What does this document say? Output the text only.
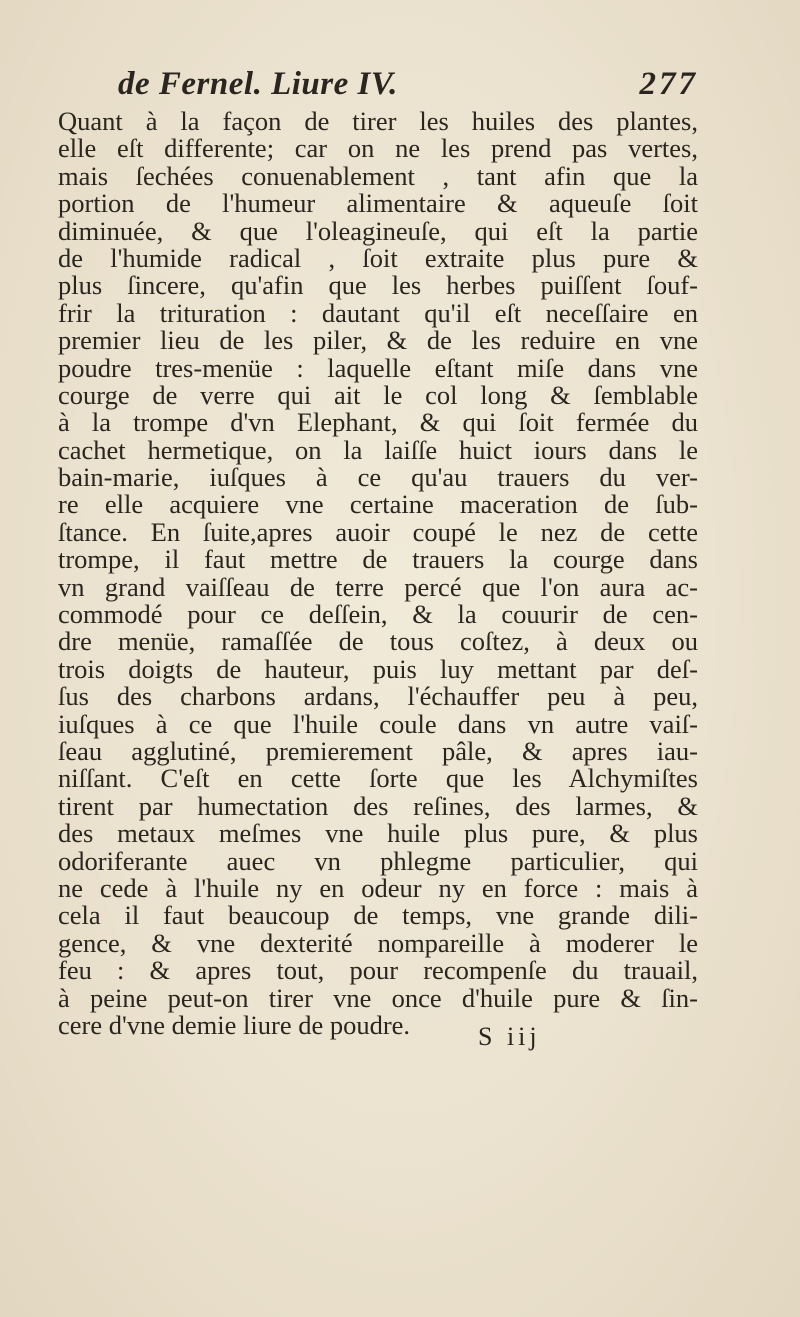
de Fernel. Liure IV.	277
Quant à la façon de tirer les huiles des plantes,
elle eſt differente; car on ne les prend pas vertes,
mais ſechées conuenablement , tant afin que la
portion de l'humeur alimentaire & aqueuſe ſoit
diminuée, & que l'oleagineuſe, qui eſt la partie
de l'humide radical , ſoit extraite plus pure &
plus ſincere, qu'afin que les herbes puiſſent ſouf-
frir la trituration : dautant qu'il eſt neceſſaire en
premier lieu de les piler, & de les reduire en vne
poudre tres-menüe : laquelle eſtant miſe dans vne
courge de verre qui ait le col long & ſemblable
à la trompe d'vn Elephant, & qui ſoit fermée du
cachet hermetique, on la laiſſe huict iours dans le
bain-marie, iuſques à ce qu'au trauers du ver-
re elle acquiere vne certaine maceration de ſub-
ſtance. En ſuite,apres auoir coupé le nez de cette
trompe, il faut mettre de trauers la courge dans
vn grand vaiſſeau de terre percé que l'on aura ac-
commodé pour ce deſſein, & la couurir de cen-
dre menüe, ramaſſée de tous coſtez, à deux ou
trois doigts de hauteur, puis luy mettant par deſ-
ſus des charbons ardans, l'échauffer peu à peu,
iuſques à ce que l'huile coule dans vn autre vaiſ-
ſeau agglutiné, premierement pâle, & apres iau-
niſſant. C'eſt en cette ſorte que les Alchymiſtes
tirent par humectation des reſines, des larmes, &
des metaux meſmes vne huile plus pure, & plus
odoriferante auec vn phlegme particulier, qui
ne cede à l'huile ny en odeur ny en force : mais à
cela il faut beaucoup de temps, vne grande dili-
gence, & vne dexterité nompareille à moderer le
feu : & apres tout, pour recompenſe du trauail,
à peine peut-on tirer vne once d'huile pure & ſin-
cere d'vne demie liure de poudre.	S iij
